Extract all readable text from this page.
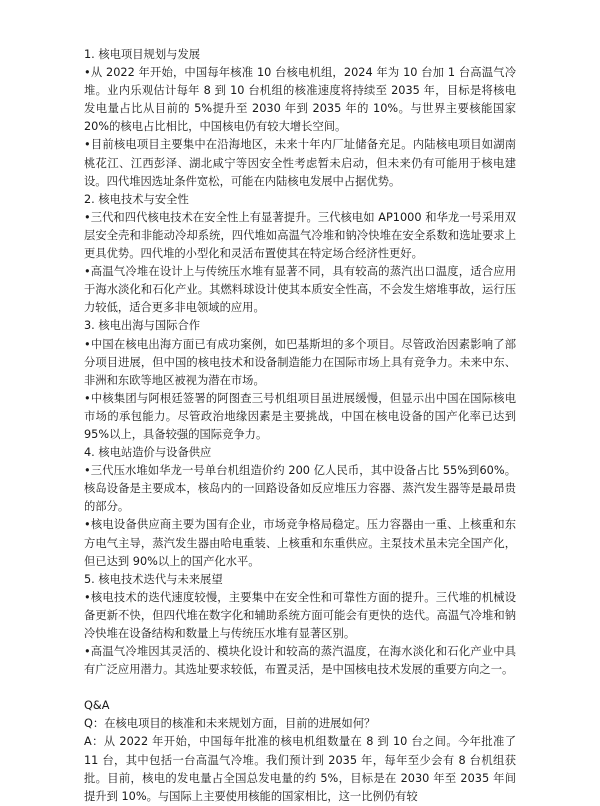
1. 核电项目规划与发展

•从 2022 年开始，中国每年核准 10 台核电机组，2024 年为 10 台加 1 台高温气冷堆。业内乐观估计每年 8 到 10 台机组的核准速度将持续至 2035 年，目标是将核电发电量占比从目前的 5%提升至 2030 年到 2035 年的 10%。与世界主要核能国家 20%的核电占比相比，中国核电仍有较大增长空间。

•目前核电项目主要集中在沿海地区，未来十年内厂址储备充足。内陆核电项目如湖南桃花江、江西彭泽、湖北咸宁等因安全性考虑暂未启动，但未来仍有可能用于核电建设。四代堆因选址条件宽松，可能在内陆核电发展中占据优势。

2. 核电技术与安全性

•三代和四代核电技术在安全性上有显著提升。三代核电如 AP1000 和华龙一号采用双层安全壳和非能动冷却系统，四代堆如高温气冷堆和钠冷快堆在安全系数和选址要求上更具优势。四代堆的小型化和灵活布置使其在特定场合经济性更好。

•高温气冷堆在设计上与传统压水堆有显著不同，具有较高的蒸汽出口温度，适合应用于海水淡化和石化产业。其燃料球设计使其本质安全性高，不会发生熔堆事故，运行压力较低，适合更多非电领域的应用。

3. 核电出海与国际合作

•中国在核电出海方面已有成功案例，如巴基斯坦的多个项目。尽管政治因素影响了部分项目进展，但中国的核电技术和设备制造能力在国际市场上具有竞争力。未来中东、非洲和东欧等地区被视为潜在市场。

•中核集团与阿根廷签署的阿图查三号机组项目虽进展缓慢，但显示出中国在国际核电市场的承包能力。尽管政治地缘因素是主要挑战，中国在核电设备的国产化率已达到 95%以上，具备较强的国际竞争力。

4. 核电站造价与设备供应

•三代压水堆如华龙一号单台机组造价约 200 亿人民币，其中设备占比 55%到60%。核岛设备是主要成本，核岛内的一回路设备如反应堆压力容器、蒸汽发生器等是最昂贵的部分。

•核电设备供应商主要为国有企业，市场竞争格局稳定。压力容器由一重、上核重和东方电气主导，蒸汽发生器由哈电重装、上核重和东重供应。主泵技术虽未完全国产化，但已达到 90%以上的国产化水平。

5. 核电技术迭代与未来展望

•核电技术的迭代速度较慢，主要集中在安全性和可靠性方面的提升。三代堆的机械设备更新不快，但四代堆在数字化和辅助系统方面可能会有更快的迭代。高温气冷堆和钠冷快堆在设备结构和数量上与传统压水堆有显著区别。

•高温气冷堆因其灵活的、模块化设计和较高的蒸汽温度，在海水淡化和石化产业中具有广泛应用潜力。其选址要求较低，布置灵活，是中国核电技术发展的重要方向之一。

Q&A

Q：在核电项目的核准和未来规划方面，目前的进展如何？

A：从 2022 年开始，中国每年批准的核电机组数量在 8 到 10 台之间。今年批准了 11 台，其中包括一台高温气冷堆。我们预计到 2035 年，每年至少会有 8 台机组获批。目前，核电的发电量占全国总发电量的约 5%，目标是在 2030 年至 2035 年间提升到 10%。与国际上主要使用核能的国家相比，这一比例仍有较
